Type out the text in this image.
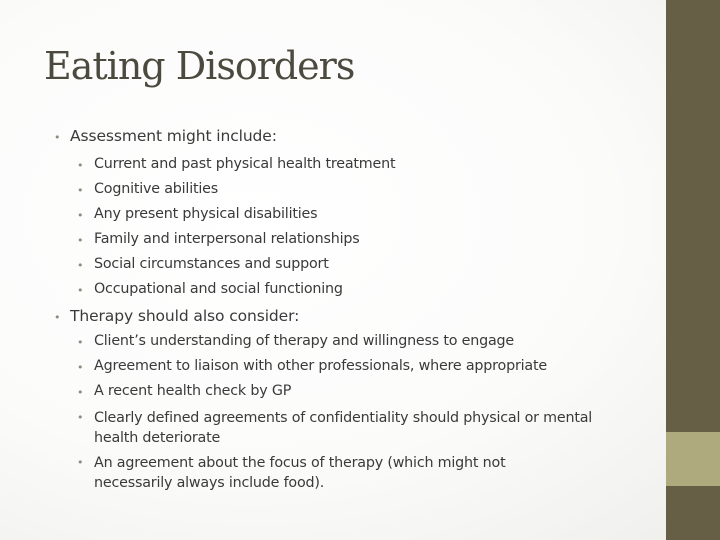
Eating Disorders
• Assessment might include:

• Current and past physical health treatment

• Cognitive abilities

• Any present physical disabilities

• Family and interpersonal relationships

• Social circumstances and support

• Occupational and social functioning

• Therapy should also consider:

• Client’s understanding of therapy and willingness to engage

• Agreement to liaison with other professionals, where appropriate

• A recent health check by GP

• Clearly defined agreements of confidentiality should physical or mental health deteriorate

• An agreement about the focus of therapy (which might not necessarily always include food).
